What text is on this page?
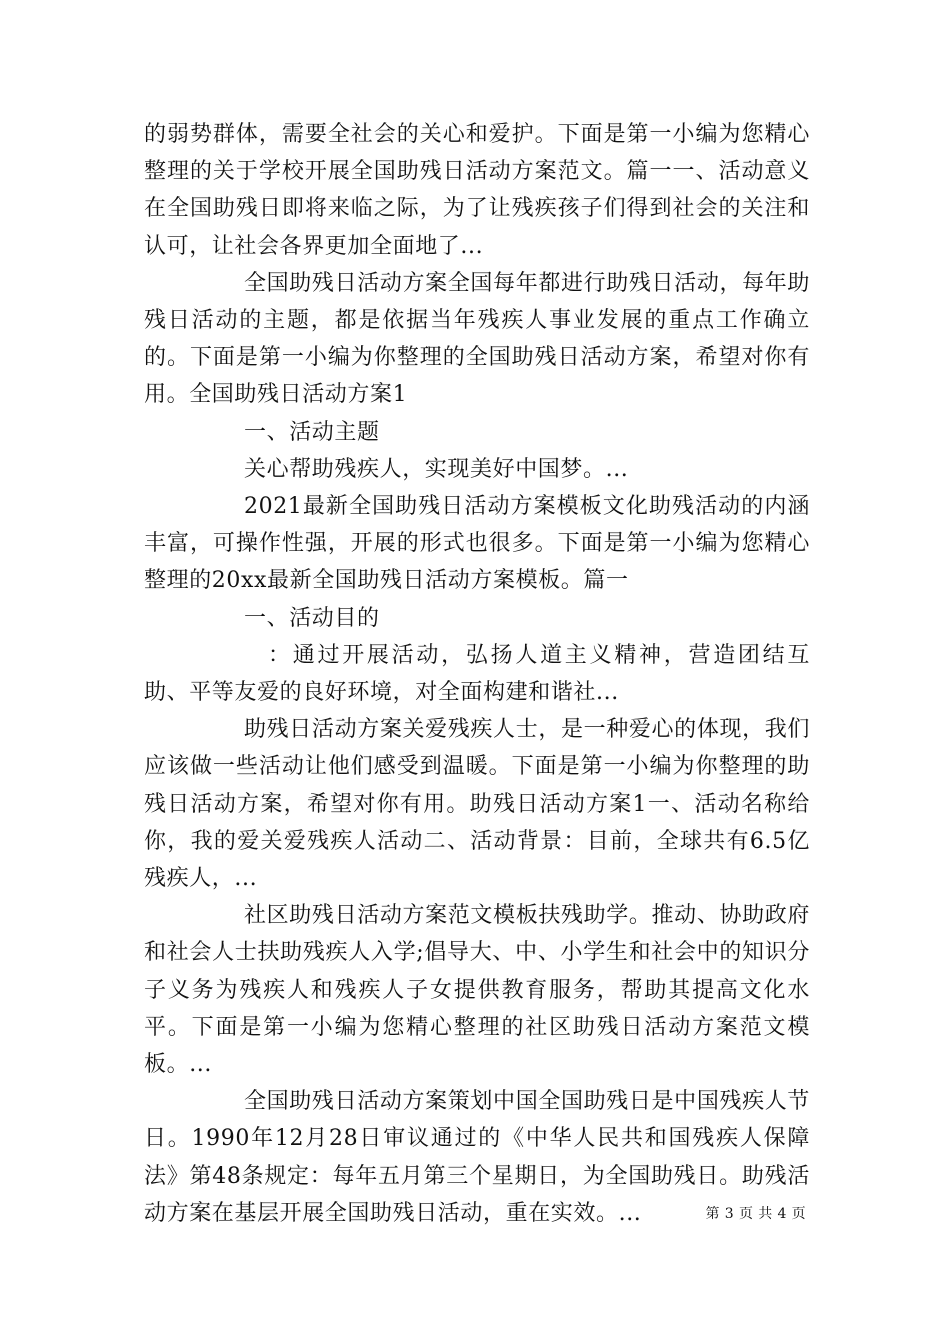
的弱势群体，需要全社会的关心和爱护。下面是第一小编为您精心整理的关于学校开展全国助残日活动方案范文。篇一一、活动意义在全国助残日即将来临之际，为了让残疾孩子们得到社会的关注和认可，让社会各界更加全面地了...

全国助残日活动方案全国每年都进行助残日活动，每年助残日活动的主题，都是依据当年残疾人事业发展的重点工作确立的。下面是第一小编为你整理的全国助残日活动方案，希望对你有用。全国助残日活动方案1

一、活动主题

关心帮助残疾人，实现美好中国梦。...

2021最新全国助残日活动方案模板文化助残活动的内涵丰富，可操作性强，开展的形式也很多。下面是第一小编为您精心整理的20xx最新全国助残日活动方案模板。篇一

一、活动目的

：通过开展活动，弘扬人道主义精神，营造团结互助、平等友爱的良好环境，对全面构建和谐社...

助残日活动方案关爱残疾人士，是一种爱心的体现，我们应该做一些活动让他们感受到温暖。下面是第一小编为你整理的助残日活动方案，希望对你有用。助残日活动方案1一、活动名称给你，我的爱关爱残疾人活动二、活动背景：目前，全球共有6.5亿残疾人，...

社区助残日活动方案范文模板扶残助学。推动、协助政府和社会人士扶助残疾人入学;倡导大、中、小学生和社会中的知识分子义务为残疾人和残疾人子女提供教育服务，帮助其提高文化水平。下面是第一小编为您精心整理的社区助残日活动方案范文模板。...

全国助残日活动方案策划中国全国助残日是中国残疾人节日。1990年12月28日审议通过的《中华人民共和国残疾人保障法》第48条规定：每年五月第三个星期日，为全国助残日。助残活动方案在基层开展全国助残日活动，重在实效。...	第 3 页 共 4 页
